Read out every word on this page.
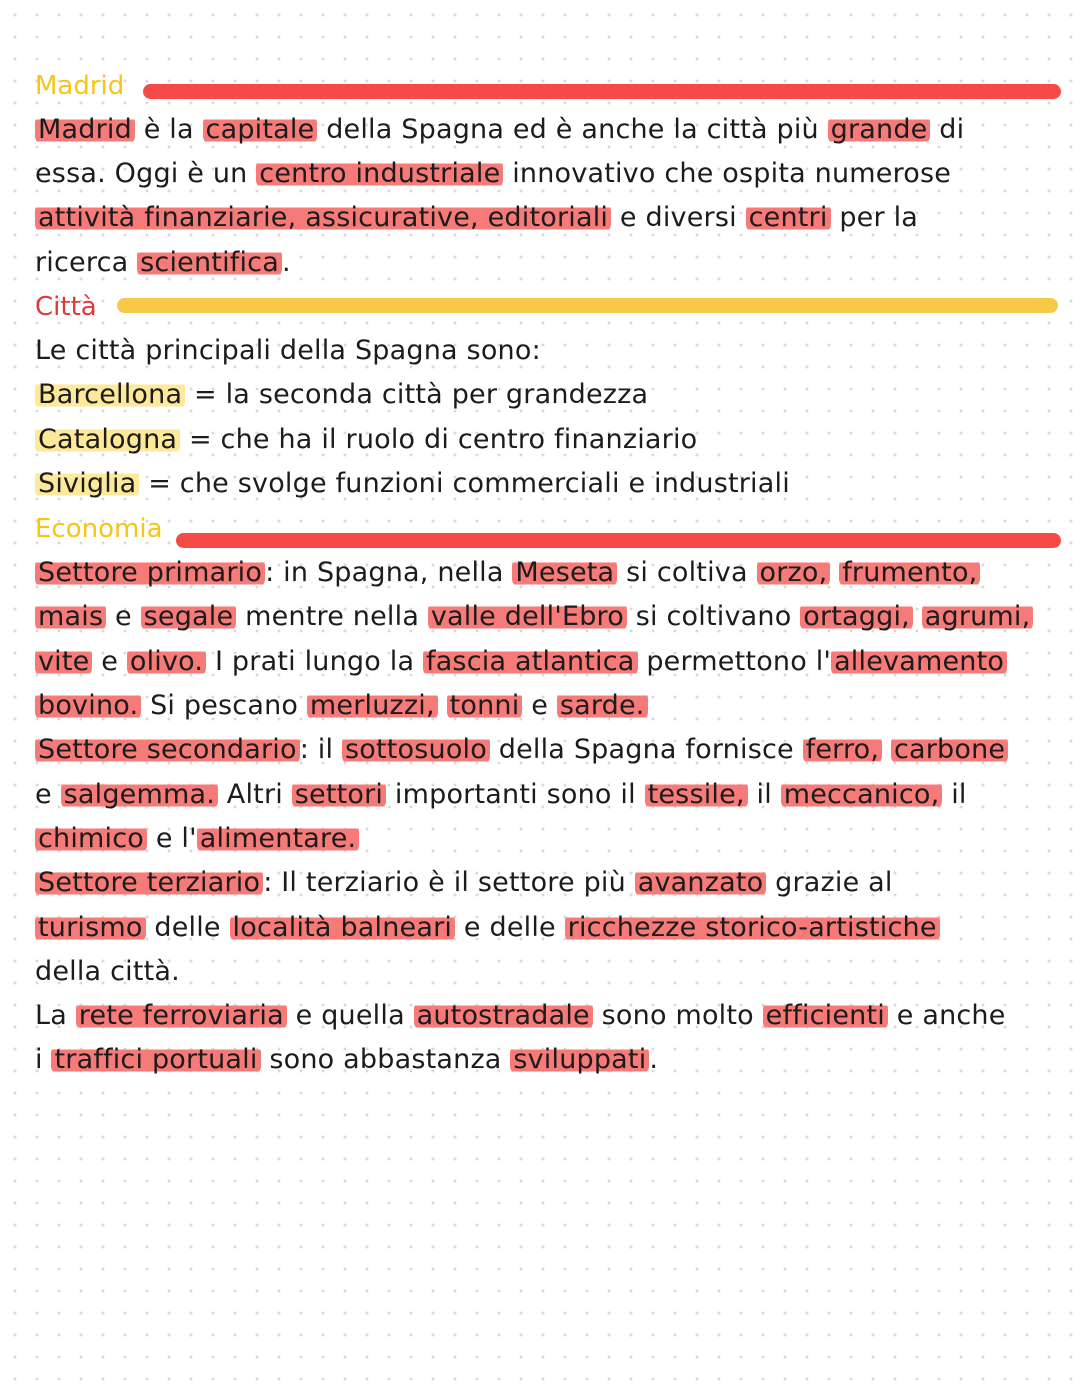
Madrid
Madrid è la capitale della Spagna ed è anche la città più grande di
essa. Oggi è un centro industriale innovativo che ospita numerose
attività finanziarie, assicurative, editoriali e diversi centri per la
ricerca scientifica .
Città
Le città principali della Spagna sono:
Barcellona = la seconda città per grandezza
Catalogna = che ha il ruolo di centro finanziario
Siviglia = che svolge funzioni commerciali e industriali
Economia
Settore primario : in Spagna, nella Meseta si coltiva orzo, frumento,
mais e segale mentre nella valle dell'Ebro si coltivano ortaggi, agrumi,
vite e olivo. I prati lungo la fascia atlantica permettono l' allevamento
bovino. Si pescano merluzzi, tonni e sarde.
Settore secondario : il sottosuolo della Spagna fornisce ferro, carbone
e salgemma. Altri settori importanti sono il tessile, il meccanico, il
chimico e l' alimentare.
Settore terziario : Il terziario è il settore più avanzato grazie al
turismo delle località balneari e delle ricchezze storico-artistiche
della città.
La rete ferroviaria e quella autostradale sono molto efficienti e anche
i traffici portuali sono abbastanza sviluppati .
